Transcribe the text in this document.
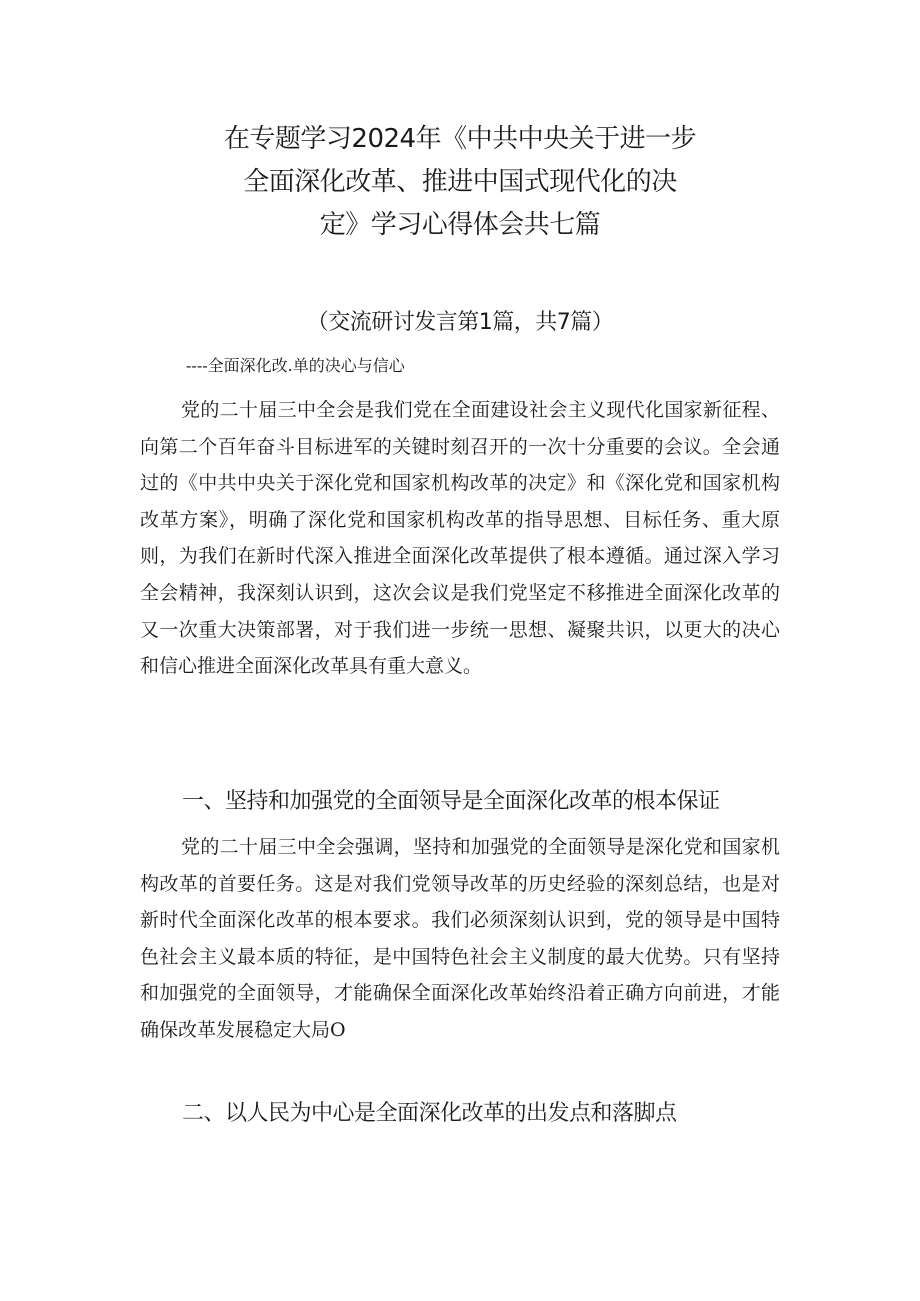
在专题学习2024年《中共中央关于进一步
全面深化改革、推进中国式现代化的决
定》学习心得体会共七篇
（交流研讨发言第1篇，共7篇）
----全面深化改.单的决心与信心

党的二十届三中全会是我们党在全面建设社会主义现代化国家新征程、向第二个百年奋斗目标进军的关键时刻召开的一次十分重要的会议。全会通过的《中共中央关于深化党和国家机构改革的决定》和《深化党和国家机构改革方案》，明确了深化党和国家机构改革的指导思想、目标任务、重大原则，为我们在新时代深入推进全面深化改革提供了根本遵循。通过深入学习全会精神，我深刻认识到，这次会议是我们党坚定不移推进全面深化改革的又一次重大决策部署，对于我们进一步统一思想、凝聚共识，以更大的决心和信心推进全面深化改革具有重大意义。

一、坚持和加强党的全面领导是全面深化改革的根本保证

党的二十届三中全会强调，坚持和加强党的全面领导是深化党和国家机构改革的首要任务。这是对我们党领导改革的历史经验的深刻总结，也是对新时代全面深化改革的根本要求。我们必须深刻认识到，党的领导是中国特色社会主义最本质的特征，是中国特色社会主义制度的最大优势。只有坚持和加强党的全面领导，才能确保全面深化改革始终沿着正确方向前进，才能确保改革发展稳定大局O

二、以人民为中心是全面深化改革的出发点和落脚点
